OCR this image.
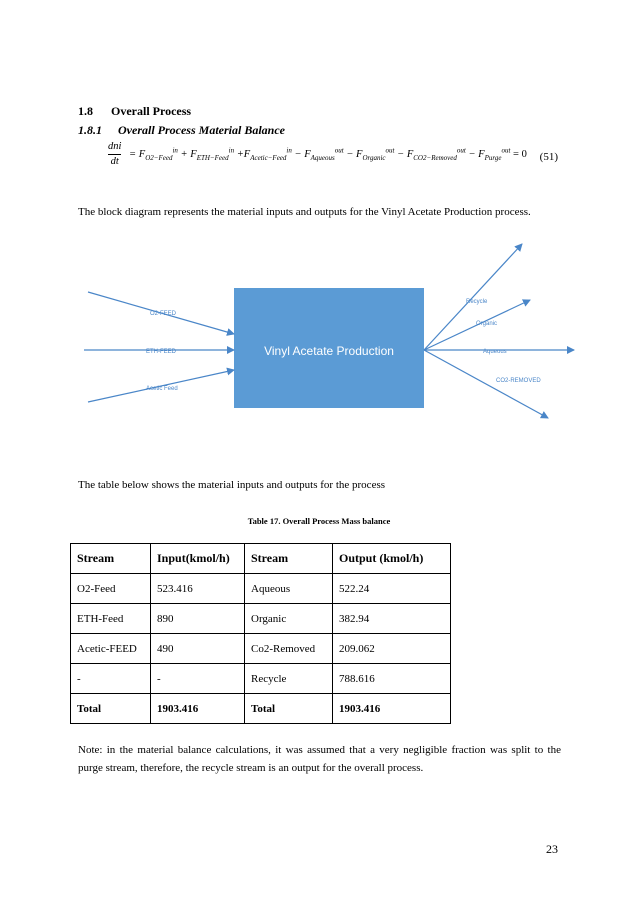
1.8 Overall Process
1.8.1 Overall Process Material Balance
$\frac{\text{dni}}{dt} = F_{O2-Feed}^{in} + F_{ETH-Feed}^{in} +F_{Acetic-Feed}^{in} - F_{Aqueous}^{out} - F_{Organic}^{out} - F_{CO2-Removed}^{out} - F_{Purge}^{out} = 0$ (51)
The block diagram represents the material inputs and outputs for the Vinyl Acetate Production process.
Vinyl Acetate Production
O2-FEED
ETH-FEED
Acetic Feed
Recycle
Organic
Aqueous
CO2-REMOVED
The table below shows the material inputs and outputs for the process
Table 17. Overall Process Mass balance
Stream	Input(kmol/h)	Stream	Output (kmol/h)
O2-Feed	523.416	Aqueous	522.24
ETH-Feed	890	Organic	382.94
Acetic-FEED	490	Co2-Removed	209.062
-	-	Recycle	788.616
Total	1903.416	Total	1903.416
Note: in the material balance calculations, it was assumed that a very negligible fraction was split to the purge stream, therefore, the recycle stream is an output for the overall process.
23
